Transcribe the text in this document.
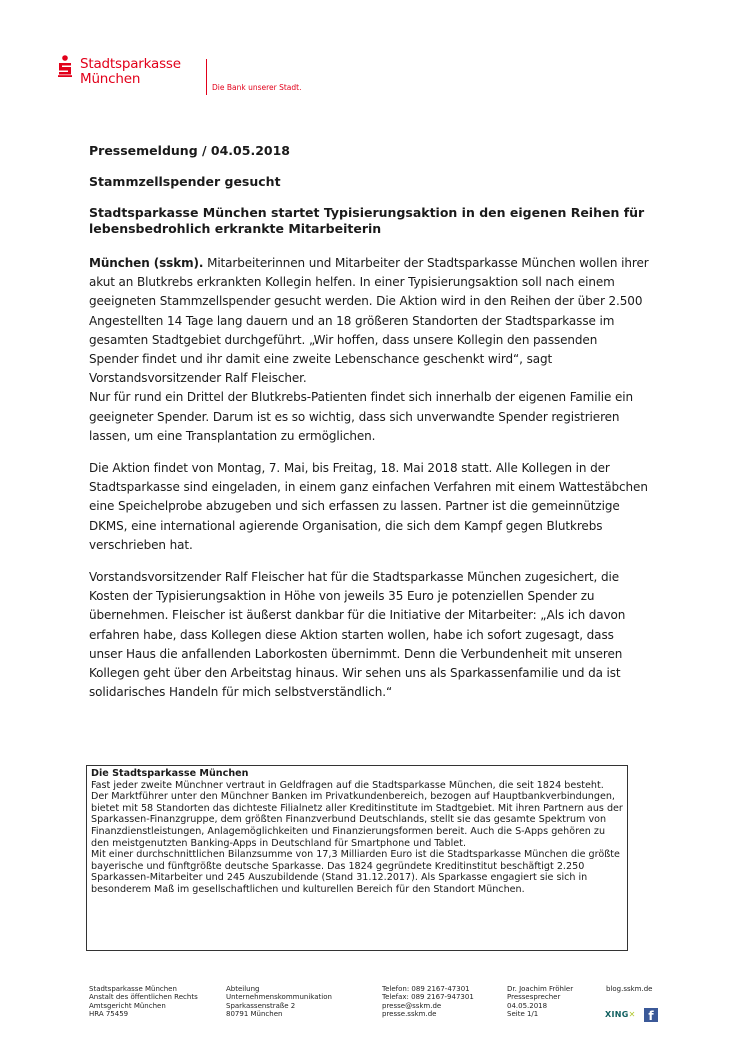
Stadtsparkasse
München
Die Bank unserer Stadt.

Pressemeldung / 04.05.2018

Stammzellspender gesucht

Stadtsparkasse München startet Typisierungsaktion in den eigenen Reihen für lebensbedrohlich erkrankte Mitarbeiterin

München (sskm). Mitarbeiterinnen und Mitarbeiter der Stadtsparkasse München wollen ihrer akut an Blutkrebs erkrankten Kollegin helfen. In einer Typisierungsaktion soll nach einem geeigneten Stammzellspender gesucht werden. Die Aktion wird in den Reihen der über 2.500 Angestellten 14 Tage lang dauern und an 18 größeren Standorten der Stadtsparkasse im gesamten Stadtgebiet durchgeführt. „Wir hoffen, dass unsere Kollegin den passenden Spender findet und ihr damit eine zweite Lebenschance geschenkt wird“, sagt Vorstandsvorsitzender Ralf Fleischer.
Nur für rund ein Drittel der Blutkrebs-Patienten findet sich innerhalb der eigenen Familie ein geeigneter Spender. Darum ist es so wichtig, dass sich unverwandte Spender registrieren lassen, um eine Transplantation zu ermöglichen.

Die Aktion findet von Montag, 7. Mai, bis Freitag, 18. Mai 2018 statt. Alle Kollegen in der Stadtsparkasse sind eingeladen, in einem ganz einfachen Verfahren mit einem Wattestäbchen eine Speichelprobe abzugeben und sich erfassen zu lassen. Partner ist die gemeinnützige DKMS, eine international agierende Organisation, die sich dem Kampf gegen Blutkrebs verschrieben hat.

Vorstandsvorsitzender Ralf Fleischer hat für die Stadtsparkasse München zugesichert, die Kosten der Typisierungsaktion in Höhe von jeweils 35 Euro je potenziellen Spender zu übernehmen. Fleischer ist äußerst dankbar für die Initiative der Mitarbeiter: „Als ich davon erfahren habe, dass Kollegen diese Aktion starten wollen, habe ich sofort zugesagt, dass unser Haus die anfallenden Laborkosten übernimmt. Denn die Verbundenheit mit unseren Kollegen geht über den Arbeitstag hinaus. Wir sehen uns als Sparkassenfamilie und da ist solidarisches Handeln für mich selbstverständlich.“

Die Stadtsparkasse München

Fast jeder zweite Münchner vertraut in Geldfragen auf die Stadtsparkasse München, die seit 1824 besteht. Der Marktführer unter den Münchner Banken im Privatkundenbereich, bezogen auf Hauptbankverbindungen, bietet mit 58 Standorten das dichteste Filialnetz aller Kreditinstitute im Stadtgebiet. Mit ihren Partnern aus der Sparkassen-Finanzgruppe, dem größten Finanzverbund Deutschlands, stellt sie das gesamte Spektrum von Finanzdienstleistungen, Anlagemöglichkeiten und Finanzierungsformen bereit. Auch die S-Apps gehören zu den meistgenutzten Banking-Apps in Deutschland für Smartphone und Tablet.

Mit einer durchschnittlichen Bilanzsumme von 17,3 Milliarden Euro ist die Stadtsparkasse München die größte bayerische und fünftgrößte deutsche Sparkasse. Das 1824 gegründete Kreditinstitut beschäftigt 2.250 Sparkassen-Mitarbeiter und 245 Auszubildende (Stand 31.12.2017). Als Sparkasse engagiert sie sich in besonderem Maß im gesellschaftlichen und kulturellen Bereich für den Standort München.

Stadtsparkasse München
Anstalt des öffentlichen Rechts
Amtsgericht München
HRA 75459
Abteilung
Unternehmenskommunikation
Sparkassenstraße 2
80791 München
Telefon: 089 2167-47301
Telefax: 089 2167-947301
presse@sskm.de
presse.sskm.de
Dr. Joachim Fröhler
Pressesprecher
04.05.2018
Seite 1/1
blog.sskm.de
XING✕	f
